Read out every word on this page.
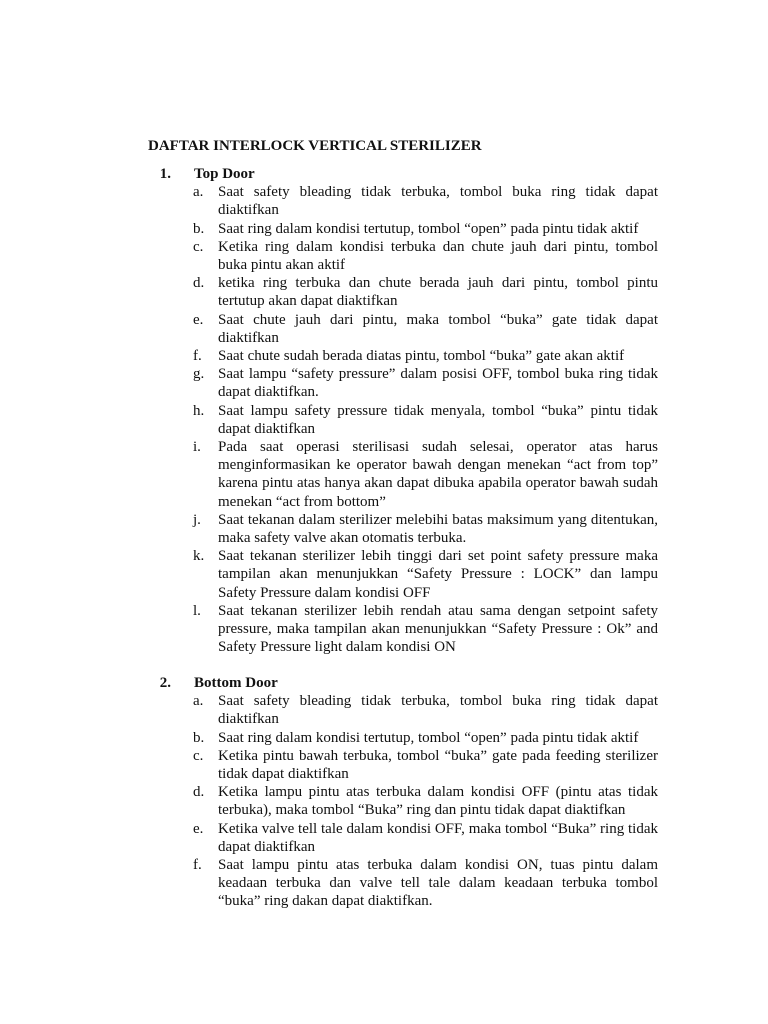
DAFTAR INTERLOCK VERTICAL STERILIZER
1.	Top Door
a. Saat safety bleading tidak terbuka, tombol buka ring tidak dapat diaktifkan
b. Saat ring dalam kondisi tertutup, tombol “open” pada pintu tidak aktif
c. Ketika ring dalam kondisi terbuka dan chute jauh dari pintu, tombol buka pintu akan aktif
d. ketika ring terbuka dan chute berada jauh dari pintu, tombol pintu tertutup akan dapat diaktifkan
e. Saat chute jauh dari pintu, maka tombol “buka” gate tidak dapat diaktifkan
f.	Saat chute sudah berada diatas pintu, tombol “buka” gate akan aktif
g. Saat lampu “safety pressure” dalam posisi OFF, tombol buka ring tidak dapat diaktifkan.
h. Saat lampu safety pressure tidak menyala, tombol “buka” pintu tidak dapat diaktifkan
i.	Pada saat operasi sterilisasi sudah selesai, operator atas harus menginformasikan ke operator bawah dengan menekan “act from top” karena pintu atas hanya akan dapat dibuka apabila operator bawah sudah menekan “act from bottom”
j.	Saat tekanan dalam sterilizer melebihi batas maksimum yang ditentukan, maka safety valve akan otomatis terbuka.
k. Saat tekanan sterilizer lebih tinggi dari set point safety pressure maka tampilan akan menunjukkan “Safety Pressure : LOCK” dan lampu Safety Pressure dalam kondisi OFF
l.	Saat tekanan sterilizer lebih rendah atau sama dengan setpoint safety pressure, maka tampilan akan menunjukkan “Safety Pressure : Ok” and Safety Pressure light dalam kondisi ON
2.	Bottom Door
a. Saat safety bleading tidak terbuka, tombol buka ring tidak dapat diaktifkan
b. Saat ring dalam kondisi tertutup, tombol “open” pada pintu tidak aktif
c. Ketika pintu bawah terbuka, tombol “buka” gate pada feeding sterilizer tidak dapat diaktifkan
d. Ketika lampu pintu atas terbuka dalam kondisi OFF (pintu atas tidak terbuka), maka tombol “Buka” ring dan pintu tidak dapat diaktifkan
e. Ketika valve tell tale dalam kondisi OFF, maka tombol “Buka” ring tidak dapat diaktifkan
f.	Saat lampu pintu atas terbuka dalam kondisi ON, tuas pintu dalam keadaan terbuka dan valve tell tale dalam keadaan terbuka tombol “buka” ring dakan dapat diaktifkan.
